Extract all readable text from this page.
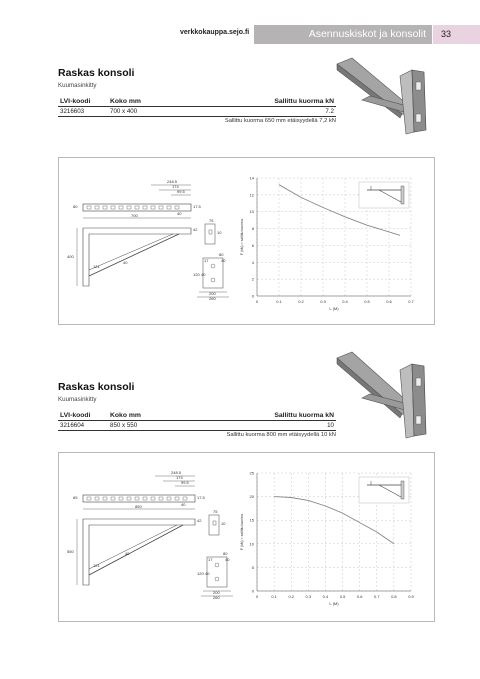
verkkokauppa.sejo.fi	Asennuskiskot ja konsolit 33
Raskas konsoli
Kuumasinkitty
LVI-koodi	Koko mm	Sallittu kuorma kN
3216603	700 x 400	7.2
Sallittu kuorma 650 mm etäisyydellä 7,2 kN
248.5
174
99.5
80	17.5
40
700
400
42
121
40
75
10
80
40
17
120 40
200
260	0
2
4
6
8
10
12
14
0	0.1	0.2	0.3	0.4	0.5	0.6	0.7
L (M)
F (kN) = sallittu kuorma
Raskas konsoli
Kuumasinkitty
LVI-koodi	Koko mm	Sallittu kuorma kN
3216604	850 x 550	10
Sallittu kuorma 800 mm etäisyydellä 10 kN
248.5
174
99.5
65	17.5
40
850
550
42
121
40
75
10
80
40
17
120 40
200
260
0
5
10
15
20
25
0	0.1	0.2	0.3	0.4	0.5	0.6	0.7	0.8	0.9
L (M)
F (kN) = sallittu kuorma
